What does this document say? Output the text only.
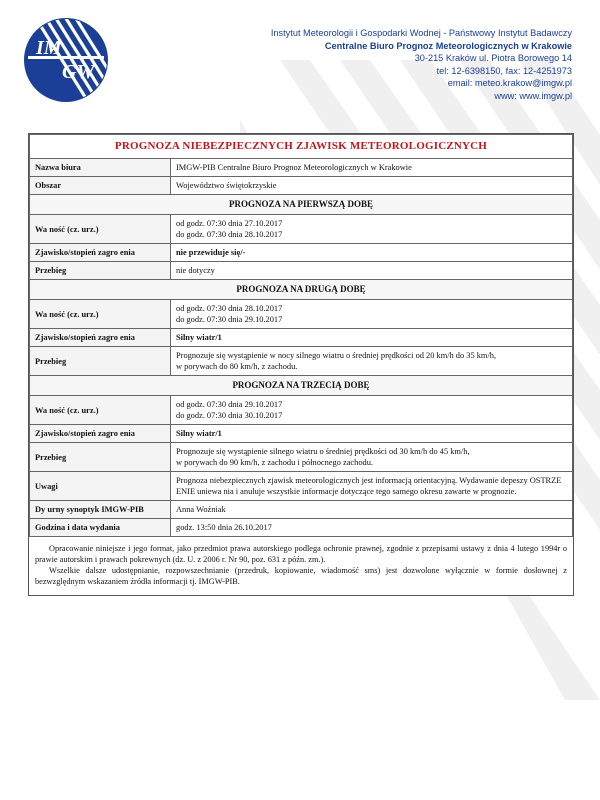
IM
GW
Instytut Meteorologii i Gospodarki Wodnej - Państwowy Instytut Badawczy
Centralne Biuro Prognoz Meteorologicznych w Krakowie
30-215 Kraków ul. Piotra Borowego 14
tel: 12-6398150, fax: 12-4251973
email: meteo.krakow@imgw.pl
www: www.imgw.pl
PROGNOZA NIEBEZPIECZNYCH ZJAWISK METEOROLOGICZNYCH	
Nazwa biura	IMGW-PIB Centralne Biuro Prognoz Meteorologicznych w Krakowie
Obszar	Województwo świętokrzyskie
PROGNOZA NA PIERWSZĄ DOBĘ	
Wa ność (cz. urz.)	od godz. 07:30 dnia 27.10.2017
do godz. 07:30 dnia 28.10.2017

Zjawisko/stopień zagro enia	nie przewiduje się/-
Przebieg	nie dotyczy
PROGNOZA NA DRUGĄ DOBĘ	
Wa ność (cz. urz.)	od godz. 07:30 dnia 28.10.2017
do godz. 07:30 dnia 29.10.2017

Zjawisko/stopień zagro enia	Silny wiatr/1
Przebieg	Prognozuje się wystąpienie w nocy silnego wiatru o średniej prędkości od 20 km/h do 35 km/h,
w porywach do 80 km/h, z zachodu.

PROGNOZA NA TRZECIĄ DOBĘ	
Wa ność (cz. urz.)	od godz. 07:30 dnia 29.10.2017
do godz. 07:30 dnia 30.10.2017

Zjawisko/stopień zagro enia	Silny wiatr/1
Przebieg	Prognozuje się wystąpienie silnego wiatru o średniej prędkości od 30 km/h do 45 km/h,
w porywach do 90 km/h, z zachodu i północnego zachodu.

Uwagi	Prognoza niebezpiecznych zjawisk meteorologicznych jest informacją orientacyjną. Wydawanie depeszy OSTRZE ENIE uniewa nia i anuluje wszystkie informacje dotyczące tego samego okresu zawarte w prognozie.
Dy urny synoptyk IMGW-PIB	Anna Woźniak
Godzina i data wydania	godz. 13:50 dnia 26.10.2017

Opracowanie niniejsze i jego format, jako przedmiot prawa autorskiego podlega ochronie prawnej, zgodnie z przepisami ustawy z dnia 4 lutego 1994r o prawie autorskim i prawach pokrewnych (dz. U. z 2006 r. Nr 90, poz. 631 z późn. zm.).

Wszelkie dalsze udostępnianie, rozpowszechnianie (przedruk, kopiowanie, wiadomość sms) jest dozwolone wyłącznie w formie dosłownej z bezwzględnym wskazaniem źródła informacji tj. IMGW-PIB.
